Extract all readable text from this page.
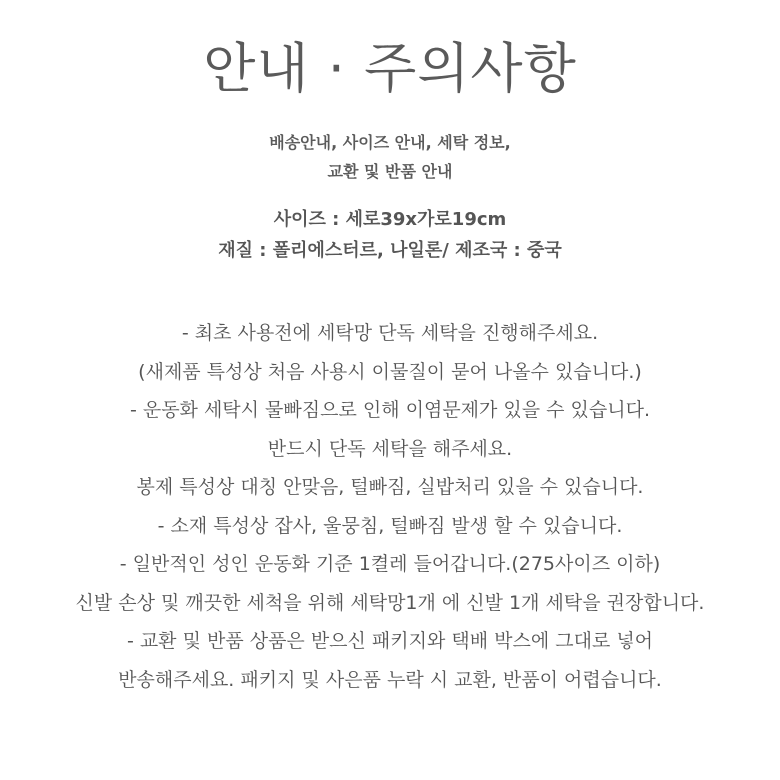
안내 · 주의사항
배송안내, 사이즈 안내, 세탁 정보,
교환 및 반품 안내
사이즈 : 세로39x가로19cm
재질 : 폴리에스터르, 나일론/ 제조국 : 중국
- 최초 사용전에 세탁망 단독 세탁을 진행해주세요.
(새제품 특성상 처음 사용시 이물질이 묻어 나올수 있습니다.)
- 운동화 세탁시 물빠짐으로 인해 이염문제가 있을 수 있습니다.
반드시 단독 세탁을 해주세요.
봉제 특성상 대칭 안맞음, 털빠짐, 실밥처리 있을 수 있습니다.
- 소재 특성상 잡사, 울뭉침, 털빠짐 발생 할 수 있습니다.
- 일반적인 성인 운동화 기준 1켤레 들어갑니다.(275사이즈 이하)
신발 손상 및 깨끗한 세척을 위해 세탁망1개 에 신발 1개 세탁을 권장합니다.
- 교환 및 반품 상품은 받으신 패키지와 택배 박스에 그대로 넣어
반송해주세요. 패키지 및 사은품 누락 시 교환, 반품이 어렵습니다.
